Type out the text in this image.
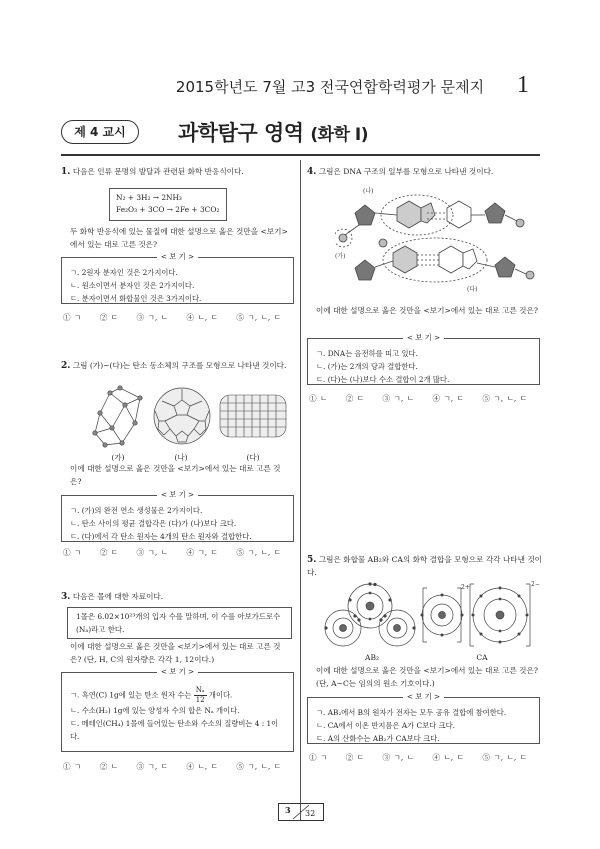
2015학년도 7월 고3 전국연합학력평가 문제지 1
제 4 교시	과학탐구 영역 (화학 Ⅰ)
1. 다음은 인류 문명의 발달과 관련된 화학 반응식이다.
N₂ + 3H₂ → 2NH₃
Fe₂O₃ + 3CO → 2Fe + 3CO₂
두 화학 반응식에 있는 물질에 대한 설명으로 옳은 것만을 <보기>에서 있는 대로 고른 것은?
< 보 기 >
ㄱ. 2원자 분자인 것은 2가지이다.
ㄴ. 원소이면서 분자인 것은 2가지이다.
ㄷ. 분자이면서 화합물인 것은 3가지이다.
① ㄱ ② ㄷ ③ ㄱ, ㄴ ④ ㄴ, ㄷ ⑤ ㄱ, ㄴ, ㄷ
2. 그림 (가)~(다)는 탄소 동소체의 구조를 모형으로 나타낸 것이다.
(가)	(나)	(다)
이에 대한 설명으로 옳은 것만을 <보기>에서 있는 대로 고른 것은?
< 보 기 >
ㄱ. (가)의 완전 연소 생성물은 2가지이다.
ㄴ. 탄소 사이의 평균 결합각은 (다)가 (나)보다 크다.
ㄷ. (다)에서 각 탄소 원자는 4개의 탄소 원자와 결합한다.
① ㄱ ② ㄷ ③ ㄱ, ㄴ ④ ㄱ, ㄷ ⑤ ㄱ, ㄴ, ㄷ
3. 다음은 몰에 대한 자료이다.
1몰은 6.02×10²³개의 입자 수를 말하며, 이 수를 아보가드로수(Nₐ)라고 한다.
이에 대한 설명으로 옳은 것만을 <보기>에서 있는 대로 고른 것은? (단, H, C의 원자량은 각각 1, 12이다.)
< 보 기 >
ㄱ. 흑연(C) 1g에 있는 탄소 원자 수는 $\frac{\text{Nₐ}}{12}$ 개이다.
ㄴ. 수소(H₂) 1g에 있는 양성자 수의 합은 Nₐ 개이다.
ㄷ. 메테인(CH₄) 1몰에 들어있는 탄소와 수소의 질량비는 4 : 1이다.
① ㄱ ② ㄴ ③ ㄱ, ㄷ ④ ㄴ, ㄷ ⑤ ㄱ, ㄴ, ㄷ
4. 그림은 DNA 구조의 일부를 모형으로 나타낸 것이다.
(나)
(가)
(다)
이에 대한 설명으로 옳은 것만을 <보기>에서 있는 대로 고른 것은?
< 보 기 >
ㄱ. DNA는 음전하를 띠고 있다.
ㄴ. (가)는 2개의 당과 결합한다.
ㄷ. (다)는 (나)보다 수소 결합이 2개 많다.
① ㄴ ② ㄷ ③ ㄱ, ㄴ ④ ㄱ, ㄷ ⑤ ㄱ, ㄴ, ㄷ
5. 그림은 화합물 AB₂와 CA의 화학 결합을 모형으로 각각 나타낸 것이다.
2+	2−
AB₂	CA
이에 대한 설명으로 옳은 것만을 <보기>에서 있는 대로 고른 것은? (단, A~C는 임의의 원소 기호이다.)
< 보 기 >
ㄱ. AB₂에서 B의 원자가 전자는 모두 공유 결합에 참여한다.
ㄴ. CA에서 이온 반지름은 A가 C보다 크다.
ㄷ. A의 산화수는 AB₂가 CA보다 크다.
① ㄱ ② ㄷ ③ ㄱ, ㄴ ④ ㄴ, ㄷ ⑤ ㄱ, ㄴ, ㄷ
3 32
